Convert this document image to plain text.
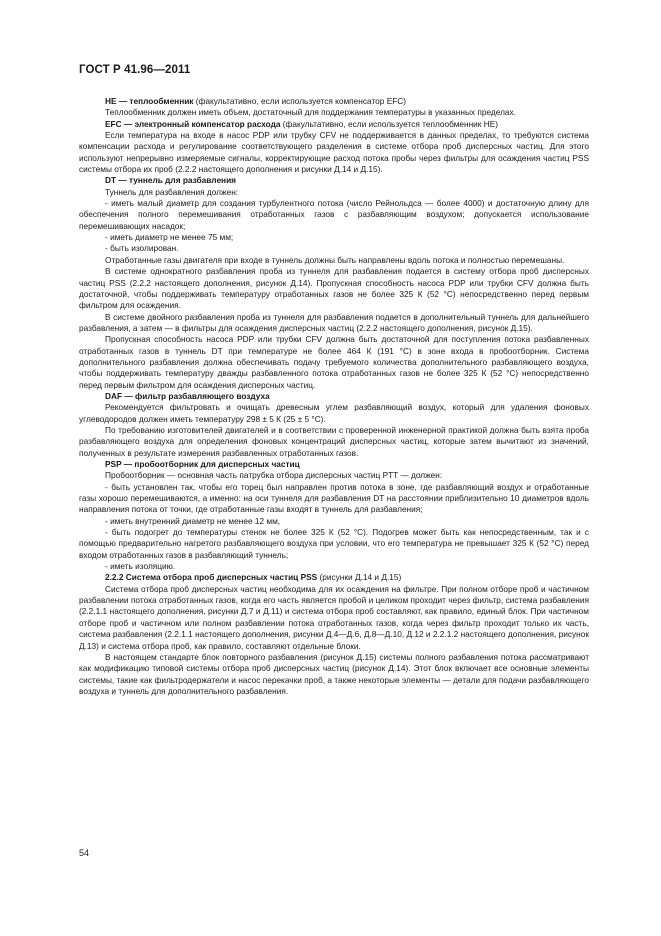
ГОСТ Р 41.96—2011

HE — теплообменник (факультативно, если используется компенсатор EFC)

Теплообменник должен иметь объем, достаточный для поддержания температуры в указанных пределах.

EFC — электронный компенсатор расхода (факультативно, если используется теплообменник HE)

Если температура на входе в насос PDP или трубку CFV не поддерживается в данных пределах, то требуются система компенсации расхода и регулирование соответствующего разделения в системе отбора проб дисперсных частиц. Для этого используют непрерывно измеряемые сигналы, корректирующие расход потока пробы через фильтры для осаждения частиц PSS системы отбора их проб (2.2.2 настоящего дополнения и рисунки Д.14 и Д.15).

DT — туннель для разбавления

Туннель для разбавления должен:

- иметь малый диаметр для создания турбулентного потока (число Рейнольдса — более 4000) и достаточную длину для обеспечения полного перемешивания отработанных газов с разбавляющим воздухом; допускается использование перемешивающих насадок;

- иметь диаметр не менее 75 мм;

- быть изолирован.

Отработанные газы двигателя при входе в туннель должны быть направлены вдоль потока и полностью перемешаны.

В системе однократного разбавления проба из туннеля для разбавления подается в систему отбора проб дисперсных частиц PSS (2.2.2 настоящего дополнения, рисунок Д.14). Пропускная способность насоса PDP или трубки CFV должна быть достаточной, чтобы поддерживать температуру отработанных газов не более 325 К (52 °С) непосредственно перед первым фильтром для осаждения.

В системе двойного разбавления проба из туннеля для разбавления подается в дополнительный туннель для дальнейшего разбавления, а затем — в фильтры для осаждения дисперсных частиц (2.2.2 настоящего дополнения, рисунок Д.15).

Пропускная способность насоса PDP или трубки CFV должна быть достаточной для поступления потока разбавленных отработанных газов в туннель DT при температуре не более 464 К (191 °С) в зоне входа в пробоотборник. Система дополнительного разбавления должна обеспечивать подачу требуемого количества дополнительного разбавляющего воздуха, чтобы поддерживать температуру дважды разбавленного потока отработанных газов не более 325 К (52 °С) непосредственно перед первым фильтром для осаждения дисперсных частиц.

DAF — фильтр разбавляющего воздуха

Рекомендуется фильтровать и очищать древесным углем разбавляющий воздух, который для удаления фоновых углеводородов должен иметь температуру 298 ± 5 К (25 ± 5 °С).

По требованию изготовителей двигателей и в соответствии с проверенной инженерной практикой должна быть взята проба разбавляющего воздуха для определения фоновых концентраций дисперсных частиц, которые затем вычитают из значений, полученных в результате измерения разбавленных отработанных газов.

PSP — пробоотборник для дисперсных частиц

Пробоотборник — основная часть патрубка отбора дисперсных частиц PTT — должен:

- быть установлен так, чтобы его торец был направлен против потока в зоне, где разбавляющий воздух и отработанные газы хорошо перемешиваются, а именно: на оси туннеля для разбавления DT на расстоянии приблизительно 10 диаметров вдоль направления потока от точки, где отработанные газы входят в туннель для разбавления;

- иметь внутренний диаметр не менее 12 мм,

- быть подогрет до температуры стенок не более 325 К (52 °С). Подогрев может быть как непосредственным, так и с помощью предварительно нагретого разбавляющего воздуха при условии, что его температура не превышает 325 К (52 °С) перед входом отработанных газов в разбавляющий туннель;

- иметь изоляцию.

2.2.2 Система отбора проб дисперсных частиц PSS (рисунки Д.14 и Д.15)

Система отбора проб дисперсных частиц необходима для их осаждения на фильтре. При полном отборе проб и частичном разбавлении потока отработанных газов, когда его часть является пробой и целиком проходит через фильтр, система разбавления (2.2.1.1 настоящего дополнения, рисунки Д.7 и Д.11) и система отбора проб составляют, как правило, единый блок. При частичном отборе проб и частичном или полном разбавлении потока отработанных газов, когда через фильтр проходит только их часть, система разбавления (2.2.1.1 настоящего дополнения, рисунки Д.4—Д.6, Д.8—Д.10, Д.12 и 2.2.1.2 настоящего дополнения, рисунок Д.13) и система отбора проб, как правило, составляют отдельные блоки.

В настоящем стандарте блок повторного разбавления (рисунок Д.15) системы полного разбавления потока рассматривают как модификацию типовой системы отбора проб дисперсных частиц (рисунок Д.14). Этот блок включает все основные элементы системы, такие как фильтродержатели и насос перекачки проб, а также некоторые элементы — детали для подачи разбавляющего воздуха и туннель для дополнительного разбавления.

54
